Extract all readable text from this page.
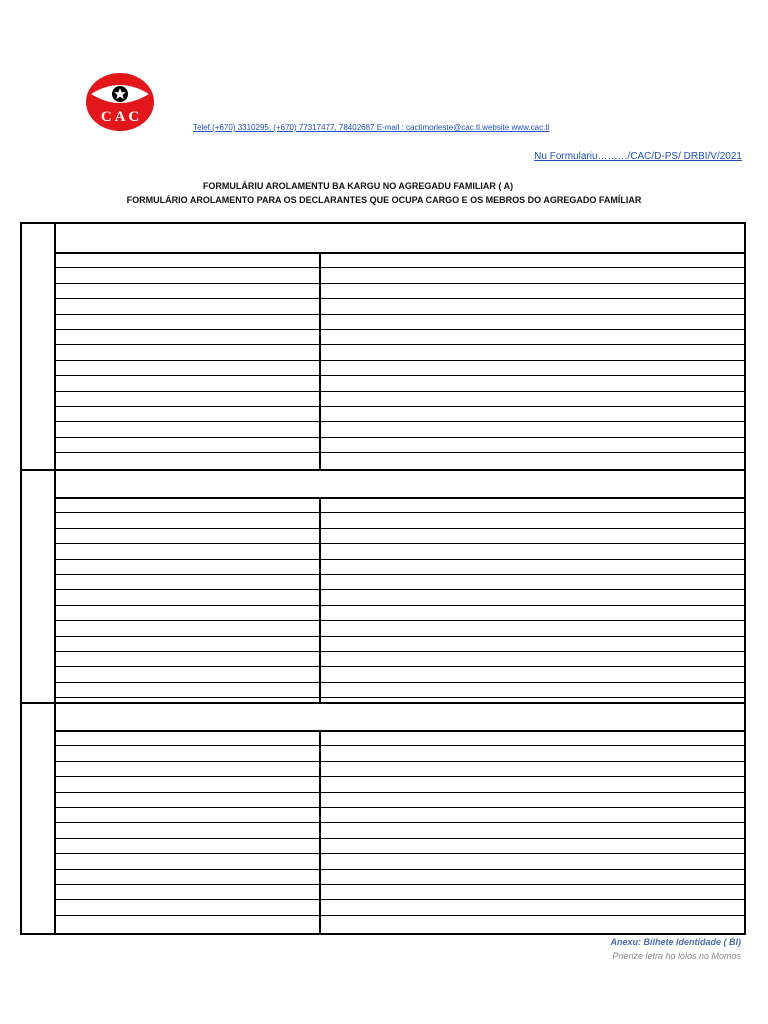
C A C
Telef.(+670) 3310295, (+670) 77317477, 78402687 E-mail : cactimorleste@cac.tl.website www.cac.tl
Nu Formulariu………/CAC/D-PS/ DRBI/V/2021
FORMULÁRIU AROLAMENTU BA KARGU NO AGREGADU FAMILIAR ( A)
FORMULÁRIO AROLAMENTO PARA OS DECLARANTES QUE OCUPA CARGO E OS MEBROS DO AGREGADO FAMÍLIAR
Anexu: Bilhete Identidade ( BI)
Prienze letra ho lolos no Momos
